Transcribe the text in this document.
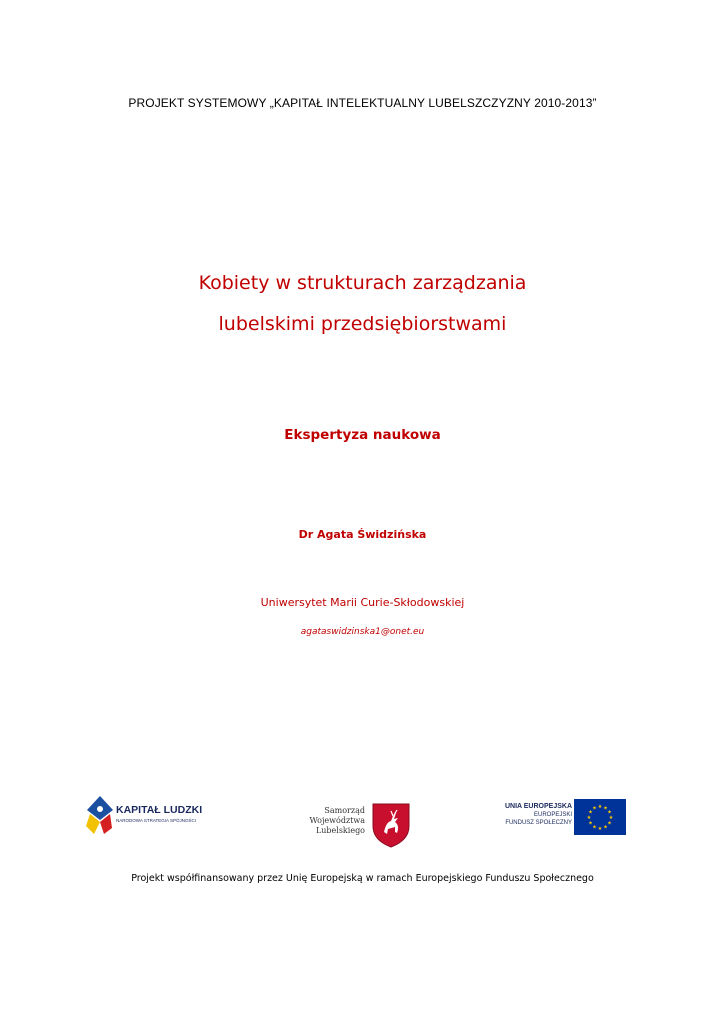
PROJEKT SYSTEMOWY „KAPITAŁ INTELEKTUALNY LUBELSZCZYZNY 2010-2013”
Kobiety w strukturach zarządzania
lubelskimi przedsiębiorstwami
Ekspertyza naukowa
Dr Agata Świdzińska
Uniwersytet Marii Curie-Skłodowskiej
agataswidzinska1@onet.eu
KAPITAŁ LUDZKI
NARODOWA STRATEGIA SPÓJNOŚCI
Samorząd
Województwa
Lubelskiego
UNIA EUROPEJSKA
EUROPEJSKI
FUNDUSZ SPOŁECZNY
★
★
★
★
★
★
★
★
★ ★ ★
★
Projekt współfinansowany przez Unię Europejską w ramach Europejskiego Funduszu Społecznego
